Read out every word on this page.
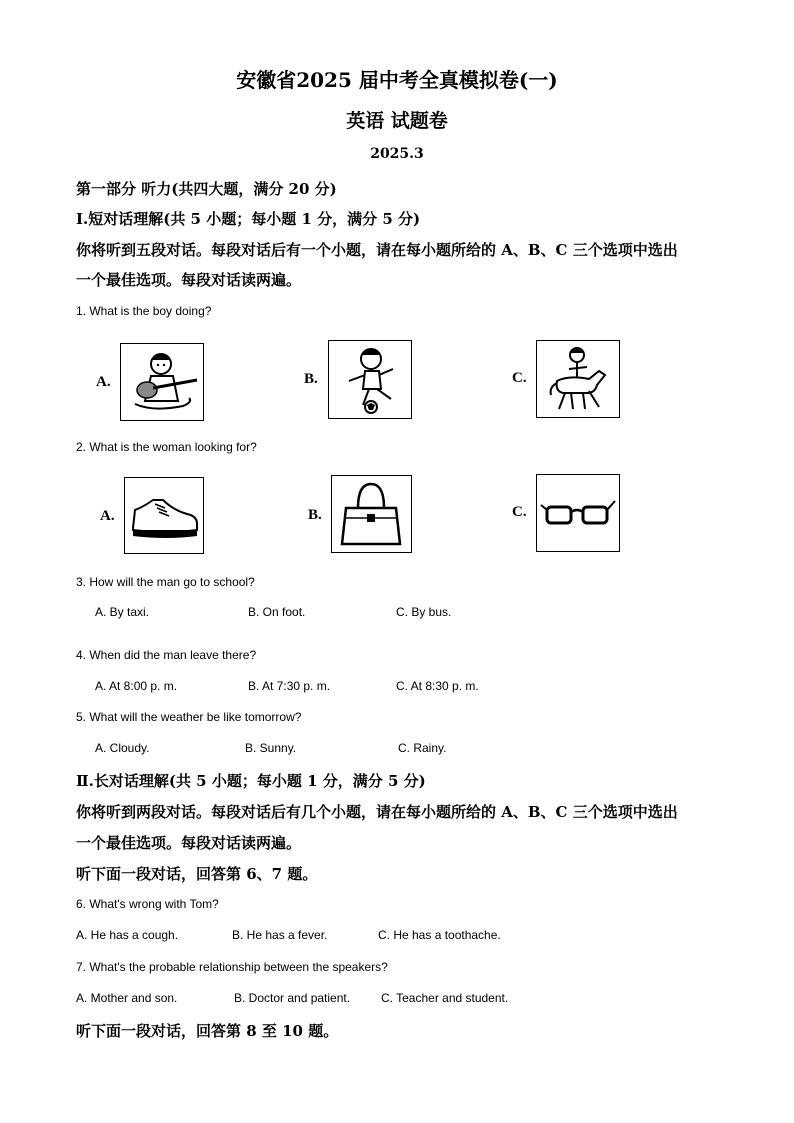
安徽省2025 届中考全真模拟卷(一)
英语 试题卷
2025.3
第一部分 听力(共四大题，满分 20 分)
Ⅰ.短对话理解(共 5 小题；每小题 1 分，满分 5 分)
你将听到五段对话。每段对话后有一个小题，请在每小题所给的 A、B、C 三个选项中选出
一个最佳选项。每段对话读两遍。
1. What is the boy doing?
A.	B.	C.
2. What is the woman looking for?
A.	B.	C.
3. How will the man go to school?
A. By taxi.	B. On foot.	C. By bus.
4. When did the man leave there?
A. At 8:00 p. m.	B. At 7:30 p. m.	C. At 8:30 p. m.
5. What will the weather be like tomorrow?
A. Cloudy.	B. Sunny.	C. Rainy.
Ⅱ.长对话理解(共 5 小题；每小题 1 分，满分 5 分)
你将听到两段对话。每段对话后有几个小题，请在每小题所给的 A、B、C 三个选项中选出
一个最佳选项。每段对话读两遍。
听下面一段对话，回答第 6、7 题。
6. What's wrong with Tom?
A. He has a cough.	B. He has a fever.	C. He has a toothache.
7. What's the probable relationship between the speakers?
A. Mother and son.	B. Doctor and patient.	C. Teacher and student.
听下面一段对话，回答第 8 至 10 题。
